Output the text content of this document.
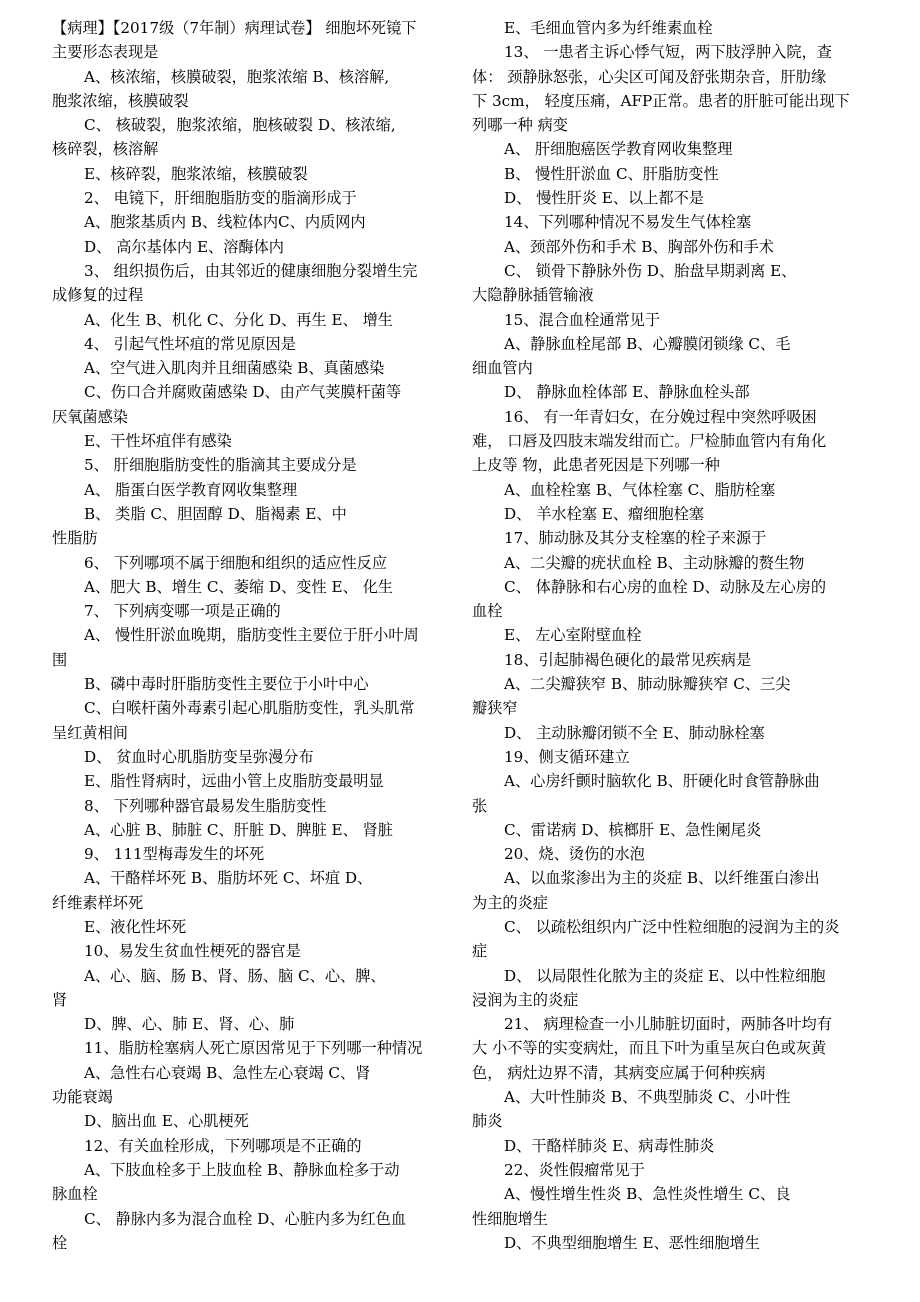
【病理】【2017级（7年制）病理试卷】 细胞坏死镜下
主要形态表现是
A、核浓缩，核膜破裂，胞浆浓缩 B、核溶解,
胞浆浓缩，核膜破裂
C、 核破裂，胞浆浓缩，胞核破裂 D、核浓缩,
核碎裂，核溶解
E、核碎裂，胞浆浓缩，核膜破裂
2、 电镜下，肝细胞脂肪变的脂滴形成于
A、胞浆基质内 B、线粒体内C、内质网内
D、 高尔基体内 E、溶酶体内
3、 组织损伤后，由其邻近的健康细胞分裂增生完
成修复的过程
A、化生 B、机化 C、分化 D、再生 E、 增生
4、 引起气性坏疽的常见原因是
A、空气进入肌肉并且细菌感染 B、真菌感染
C、伤口合并腐败菌感染 D、由产气荚膜杆菌等
厌氧菌感染
E、干性坏疽伴有感染
5、 肝细胞脂肪变性的脂滴其主要成分是
A、 脂蛋白医学教育网收集整理
B、 类脂 C、胆固醇 D、脂褐素 E、中
性脂肪
6、 下列哪项不属于细胞和组织的适应性反应
A、肥大 B、增生 C、萎缩 D、变性 E、 化生
7、 下列病变哪一项是正确的
A、 慢性肝淤血晚期，脂肪变性主要位于肝小叶周
围
B、磷中毒时肝脂肪变性主要位于小叶中心
C、白喉杆菌外毒素引起心肌脂肪变性，乳头肌常
呈红黄相间
D、 贫血时心肌脂肪变呈弥漫分布
E、脂性肾病时，远曲小管上皮脂肪变最明显
8、 下列哪种器官最易发生脂肪变性
A、心脏 B、肺脏 C、肝脏 D、脾脏 E、 肾脏
9、 111型梅毒发生的坏死
A、干酪样坏死 B、脂肪坏死 C、坏疽 D、
纤维素样坏死
E、液化性坏死
10、易发生贫血性梗死的器官是
A、心、脑、肠 B、肾、肠、脑 C、心、脾、
肾
D、脾、心、肺 E、肾、心、肺
11、脂肪栓塞病人死亡原因常见于下列哪一种情况
A、急性右心衰竭 B、急性左心衰竭 C、肾
功能衰竭
D、脑出血 E、心肌梗死
12、有关血栓形成，下列哪项是不正确的
A、下肢血栓多于上肢血栓 B、静脉血栓多于动
脉血栓
C、 静脉内多为混合血栓 D、心脏内多为红色血
栓
E、毛细血管内多为纤维素血栓
13、 一患者主诉心悸气短，两下肢浮肿入院，查
体： 颈静脉怒张，心尖区可闻及舒张期杂音，肝肋缘
下 3cm， 轻度压痛，AFP正常。患者的肝脏可能出现下
列哪一种 病变
A、 肝细胞癌医学教育网收集整理
B、 慢性肝淤血 C、肝脂肪变性
D、 慢性肝炎 E、以上都不是
14、下列哪种情况不易发生气体栓塞
A、颈部外伤和手术 B、胸部外伤和手术
C、 锁骨下静脉外伤 D、胎盘早期剥离 E、
大隐静脉插管输液
15、混合血栓通常见于
A、静脉血栓尾部 B、心瓣膜闭锁缘 C、毛
细血管内
D、 静脉血栓体部 E、静脉血栓头部
16、 有一年青妇女，在分娩过程中突然呼吸困
难， 口唇及四肢末端发绀而亡。尸检肺血管内有角化
上皮等 物，此患者死因是下列哪一种
A、血栓栓塞 B、气体栓塞 C、脂肪栓塞
D、 羊水栓塞 E、瘤细胞栓塞
17、肺动脉及其分支栓塞的栓子来源于
A、二尖瓣的疣状血栓 B、主动脉瓣的赘生物
C、 体静脉和右心房的血栓 D、动脉及左心房的
血栓
E、 左心室附壁血栓
18、引起肺褐色硬化的最常见疾病是
A、二尖瓣狭窄 B、肺动脉瓣狭窄 C、三尖
瓣狭窄
D、 主动脉瓣闭锁不全 E、肺动脉栓塞
19、侧支循环建立
A、心房纤颤时脑软化 B、肝硬化时食管静脉曲
张
C、雷诺病 D、槟榔肝 E、急性阑尾炎
20、烧、烫伤的水泡
A、以血浆渗出为主的炎症 B、以纤维蛋白渗出
为主的炎症
C、 以疏松组织内广泛中性粒细胞的浸润为主的炎
症
D、 以局限性化脓为主的炎症 E、以中性粒细胞
浸润为主的炎症
21、 病理检查一小儿肺脏切面时，两肺各叶均有
大 小不等的实变病灶，而且下叶为重呈灰白色或灰黄
色， 病灶边界不清，其病变应属于何种疾病
A、大叶性肺炎 B、不典型肺炎 C、小叶性
肺炎
D、干酪样肺炎 E、病毒性肺炎
22、炎性假瘤常见于
A、慢性增生性炎 B、急性炎性增生 C、良
性细胞增生
D、不典型细胞增生 E、恶性细胞增生
